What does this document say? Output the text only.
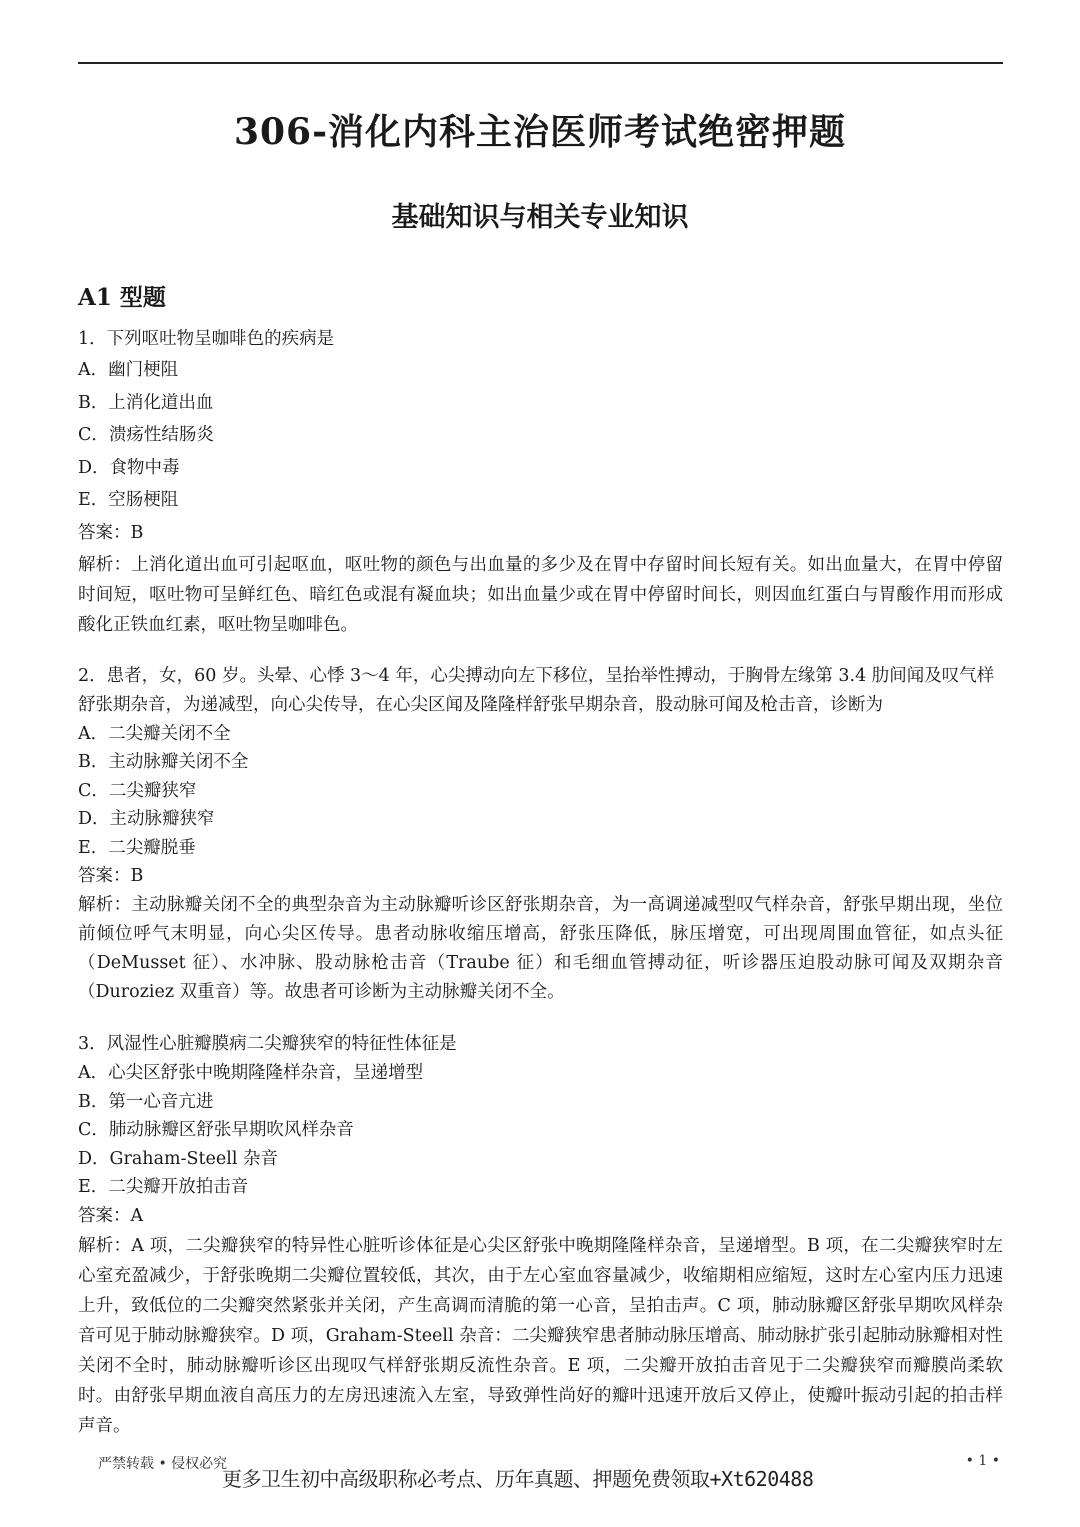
306-消化内科主治医师考试绝密押题
基础知识与相关专业知识
A1 型题
1．下列呕吐物呈咖啡色的疾病是
A．幽门梗阻
B．上消化道出血
C．溃疡性结肠炎
D．食物中毒
E．空肠梗阻
答案：B
解析：上消化道出血可引起呕血，呕吐物的颜色与出血量的多少及在胃中存留时间长短有关。如出血量大，在胃中停留时间短，呕吐物可呈鲜红色、暗红色或混有凝血块；如出血量少或在胃中停留时间长，则因血红蛋白与胃酸作用而形成酸化正铁血红素，呕吐物呈咖啡色。
2．患者，女，60 岁。头晕、心悸 3～4 年，心尖搏动向左下移位，呈抬举性搏动，于胸骨左缘第 3.4 肋间闻及叹气样舒张期杂音，为递减型，向心尖传导，在心尖区闻及隆隆样舒张早期杂音，股动脉可闻及枪击音，诊断为
A．二尖瓣关闭不全
B．主动脉瓣关闭不全
C．二尖瓣狭窄
D．主动脉瓣狭窄
E．二尖瓣脱垂
答案：B
解析：主动脉瓣关闭不全的典型杂音为主动脉瓣听诊区舒张期杂音，为一高调递减型叹气样杂音，舒张早期出现，坐位前倾位呼气末明显，向心尖区传导。患者动脉收缩压增高，舒张压降低，脉压增宽，可出现周围血管征，如点头征（DeMusset 征）、水冲脉、股动脉枪击音（Traube 征）和毛细血管搏动征，听诊器压迫股动脉可闻及双期杂音（Duroziez 双重音）等。故患者可诊断为主动脉瓣关闭不全。
3．风湿性心脏瓣膜病二尖瓣狭窄的特征性体征是
A．心尖区舒张中晚期隆隆样杂音，呈递增型
B．第一心音亢进
C．肺动脉瓣区舒张早期吹风样杂音
D．Graham-Steell 杂音
E．二尖瓣开放拍击音
答案：A
解析：A 项，二尖瓣狭窄的特异性心脏听诊体征是心尖区舒张中晚期隆隆样杂音，呈递增型。B 项，在二尖瓣狭窄时左心室充盈减少，于舒张晚期二尖瓣位置较低，其次，由于左心室血容量减少，收缩期相应缩短，这时左心室内压力迅速上升，致低位的二尖瓣突然紧张并关闭，产生高调而清脆的第一心音，呈拍击声。C 项，肺动脉瓣区舒张早期吹风样杂音可见于肺动脉瓣狭窄。D 项，Graham-Steell 杂音：二尖瓣狭窄患者肺动脉压增高、肺动脉扩张引起肺动脉瓣相对性关闭不全时，肺动脉瓣听诊区出现叹气样舒张期反流性杂音。E 项，二尖瓣开放拍击音见于二尖瓣狭窄而瓣膜尚柔软时。由舒张早期血液自高压力的左房迅速流入左室，导致弹性尚好的瓣叶迅速开放后又停止，使瓣叶振动引起的拍击样声音。
严禁转载 • 侵权必究
更多卫生初中高级职称必考点、历年真题、押题免费领取+Xt620488
• 1 •
